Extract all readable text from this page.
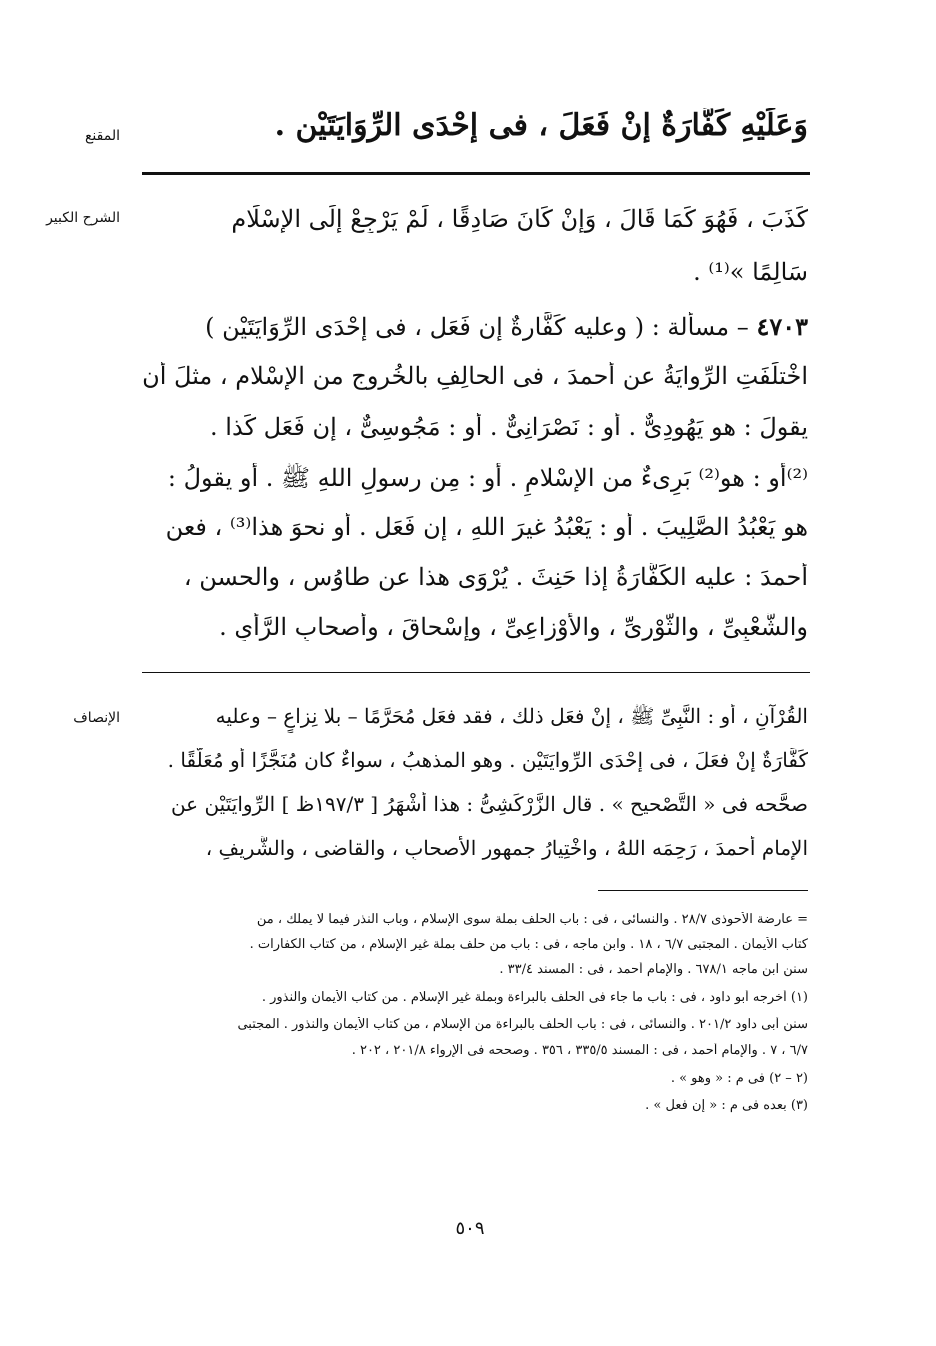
المقنع	وَعَلَيْهِ كَفَّارَةٌ إنْ فَعَلَ ، فى إحْدَى الرِّوَايَتَيْنِ .
الشرح الكبير	كَذَبَ ، فَهُوَ كَمَا قَالَ ، وَإنْ كَانَ صَادِقًا ، لَمْ يَرْجِعْ إِلَى الإسْلَامِ
سَالِمًا »⁽¹⁾ .
٤٧٠٣ – مسألة : ( وعليه كَفَّارةٌ إن فَعَل ، فى إحْدَى الرِّوَايَتَيْن )
اخْتلَفَتِ الرِّوايَةُ عن أحمدَ ، فى الحالِفِ بالخُروجِ من الإسْلامِ ، مثلَ أن
يقولَ : هو يَهُودِىٌّ . أو : نَصْرَانِىٌّ . أو : مَجُوسِىٌّ ، إن فَعَل كَذا .
⁽²⁾أو : هو⁽²⁾ بَرِىءٌ من الإسْلامِ . أو : مِن رسولِ اللهِ ﷺ . أو يقولُ :
هو يَعْبُدُ الصَّلِيبَ . أو : يَعْبُدُ غيرَ اللهِ ، إن فَعَل . أو نحوَ هذا⁽³⁾ ، فعن
أحمدَ : عليه الكَفَّارَةُ إذا حَنِثَ . يُرْوَى هذا عن طاوُسٍ ، والحسنِ ،
والشَّعْبِىِّ ، والثَّوْرِىِّ ، والأوْزاعِىِّ ، وإسْحاقَ ، وأصحابِ الرَّأْىِ .
الإنصاف	القُرْآنِ ، أو : النَّبِىِّ ﷺ ، إنْ فعَل ذلك ، فقد فعَل مُحَرَّمًا – بلا نِزاعٍ – وعليه
كَفَّارَةٌ إنْ فعَلَ ، فى إحْدَى الرِّوايَتَيْن . وهو المذهبُ ، سواءٌ كان مُنَجَّزًا أو مُعَلَّقًا .
صحَّحه فى « التَّصْحيحِ » . قال الزَّرْكَشِىُّ : هذا أشْهَرُ [ ١٩٧/٣ظ ] الرِّوايَتَيْن عن
الإمامِ أحمدَ ، رَحِمَه اللهُ ، واخْتِيارُ جمهورِ الأصحابِ ، والقاضى ، والشَّريفِ ،
= عارضة الأحوذى ٢٨/٧ . والنسائى ، فى : باب الحلف بملة سوى الإسلام ، وباب النذر فيما لا يملك ، من
كتاب الأيمان . المجتبى ٦/٧ ، ١٨ . وابن ماجه ، فى : باب من حلف بملة غير الإسلام ، من كتاب الكفارات .
سنن ابن ماجه ٦٧٨/١ . والإمام أحمد ، فى : المسند ٣٣/٤ .
(١) أخرجه أبو داود ، فى : باب ما جاء فى الحلف بالبراءة وبملة غير الإسلام . من كتاب الأيمان والنذور .
سنن أبى داود ٢٠١/٢ . والنسائى ، فى : باب الحلف بالبراءة من الإسلام ، من كتاب الأيمان والنذور . المجتبى
٦/٧ ، ٧ . والإمام أحمد ، فى : المسند ٣٣٥/٥ ، ٣٥٦ . وصححه فى الإرواء ٢٠١/٨ ، ٢٠٢ .
(٢ – ٢) فى م : « وهو » .
(٣) بعده فى م : « إن فعل » .
٥٠٩
